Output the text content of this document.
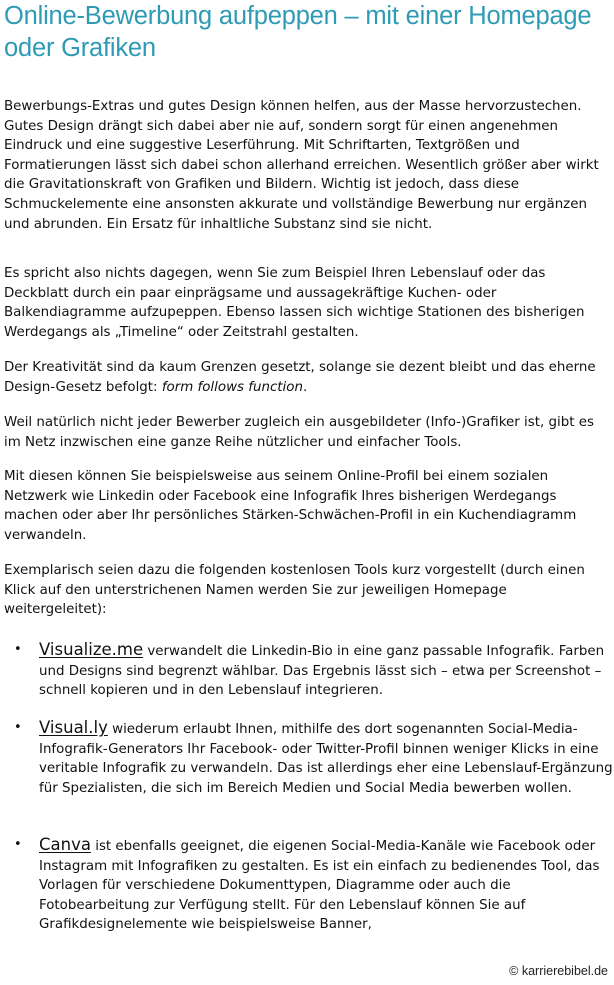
Online-Bewerbung aufpeppen – mit einer Homepage oder Grafiken

Bewerbungs-Extras und gutes Design können helfen, aus der Masse hervorzustechen. Gutes Design drängt sich dabei aber nie auf, sondern sorgt für einen angenehmen Eindruck und eine suggestive Leserführung. Mit Schriftarten, Textgrößen und Formatierungen lässt sich dabei schon allerhand erreichen. Wesentlich größer aber wirkt die Gravitationskraft von Grafiken und Bildern. Wichtig ist jedoch, dass diese Schmuckelemente eine ansonsten akkurate und vollständige Bewerbung nur ergänzen und abrunden. Ein Ersatz für inhaltliche Substanz sind sie nicht.

Es spricht also nichts dagegen, wenn Sie zum Beispiel Ihren Lebenslauf oder das Deckblatt durch ein paar einprägsame und aussagekräftige Kuchen- oder Balkendiagramme aufzupeppen. Ebenso lassen sich wichtige Stationen des bisherigen Werdegangs als „Timeline“ oder Zeitstrahl gestalten.

Der Kreativität sind da kaum Grenzen gesetzt, solange sie dezent bleibt und das eherne Design-Gesetz befolgt: form follows function.

Weil natürlich nicht jeder Bewerber zugleich ein ausgebildeter (Info-)Grafiker ist, gibt es im Netz inzwischen eine ganze Reihe nützlicher und einfacher Tools.

Mit diesen können Sie beispielsweise aus seinem Online-Profil bei einem sozialen Netzwerk wie Linkedin oder Facebook eine Infografik Ihres bisherigen Werdegangs machen oder aber Ihr persönliches Stärken-Schwächen-Profil in ein Kuchendiagramm verwandeln.

Exemplarisch seien dazu die folgenden kostenlosen Tools kurz vorgestellt (durch einen Klick auf den unterstrichenen Namen werden Sie zur jeweiligen Homepage weitergeleitet):

• Visualize.me verwandelt die Linkedin-Bio in eine ganz passable Infografik. Farben und Designs sind begrenzt wählbar. Das Ergebnis lässt sich – etwa per Screenshot – schnell kopieren und in den Lebenslauf integrieren.

• Visual.ly wiederum erlaubt Ihnen, mithilfe des dort sogenannten Social-Media-Infografik-Generators Ihr Facebook- oder Twitter-Profil binnen weniger Klicks in eine veritable Infografik zu verwandeln. Das ist allerdings eher eine Lebenslauf-Ergänzung für Spezialisten, die sich im Bereich Medien und Social Media bewerben wollen.

• Canva ist ebenfalls geeignet, die eigenen Social-Media-Kanäle wie Facebook oder Instagram mit Infografiken zu gestalten. Es ist ein einfach zu bedienendes Tool, das Vorlagen für verschiedene Dokumenttypen, Diagramme oder auch die Fotobearbeitung zur Verfügung stellt. Für den Lebenslauf können Sie auf Grafikdesignelemente wie beispielsweise Banner,

© karrierebibel.de
